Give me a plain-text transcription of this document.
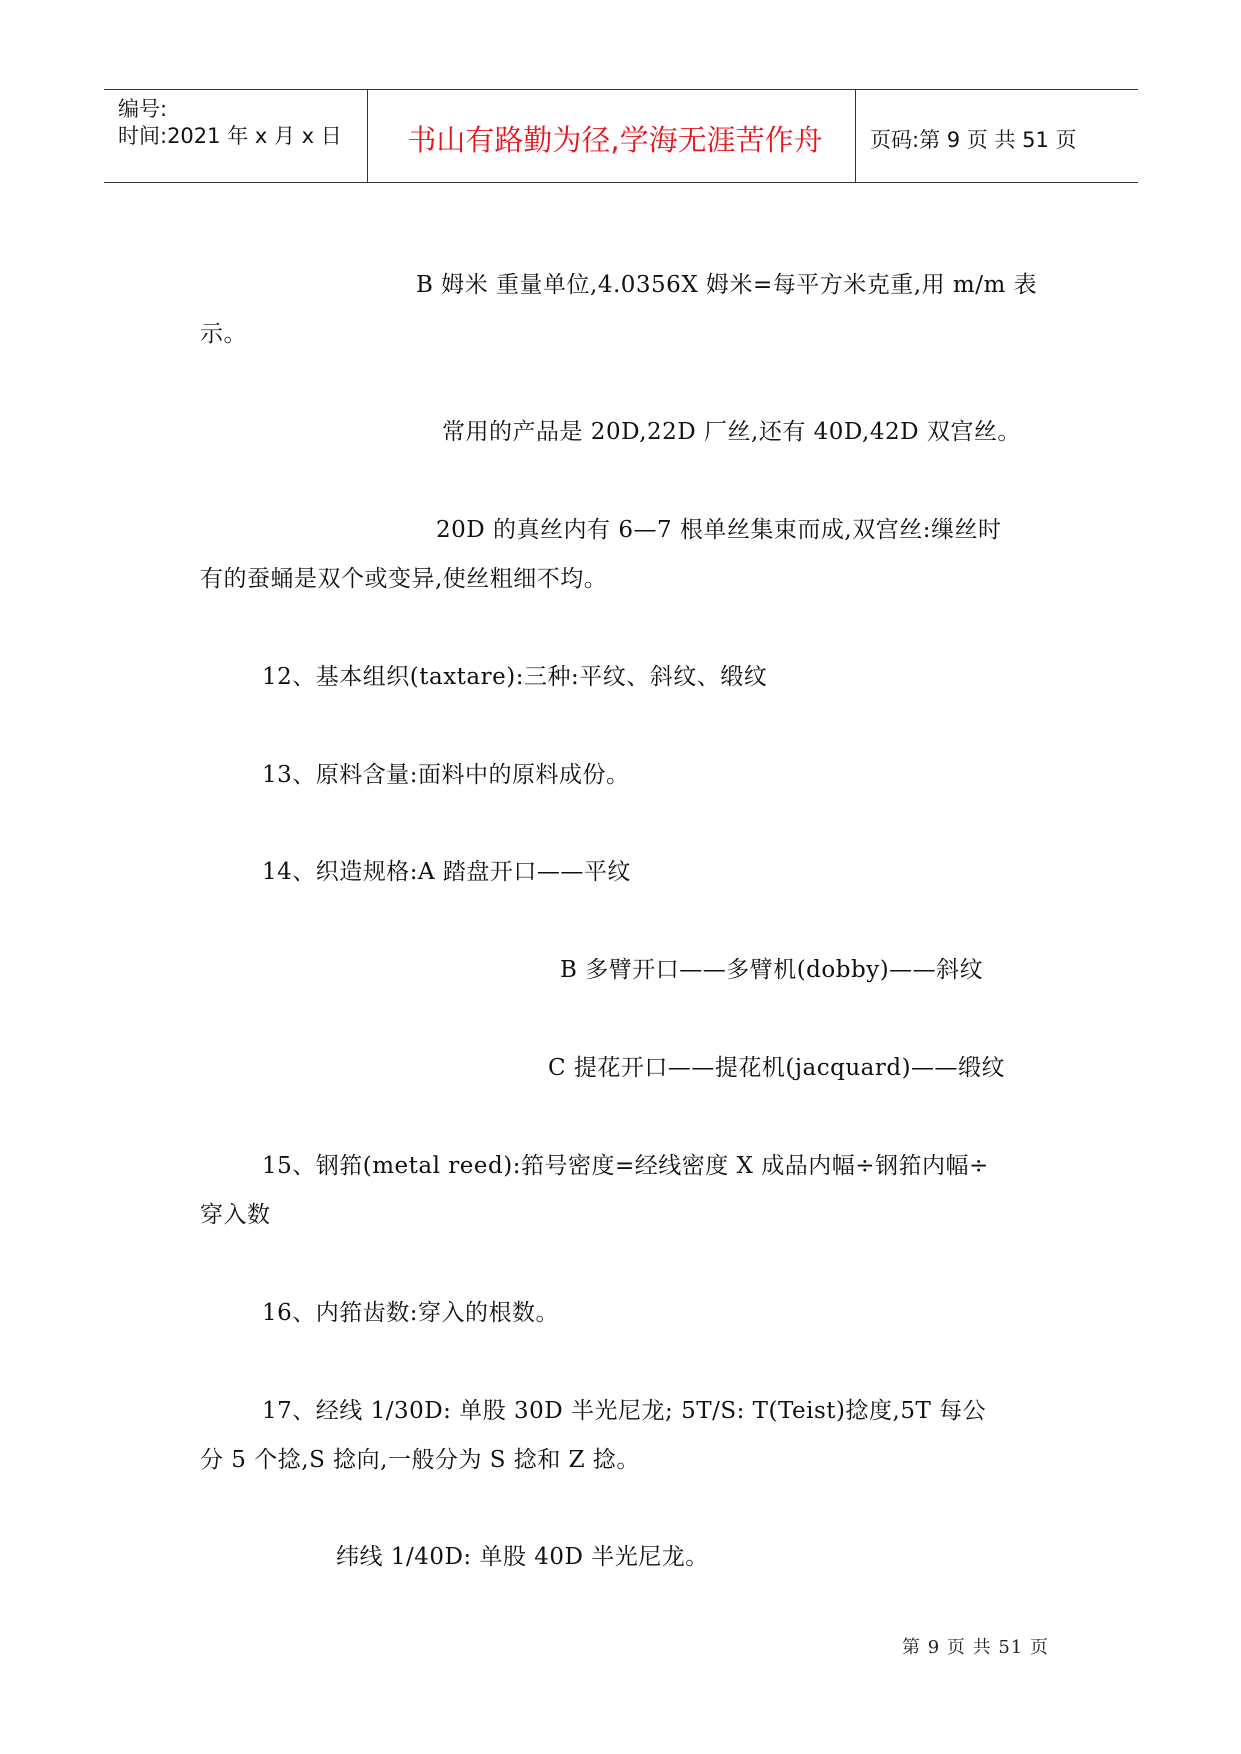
编号:
时间:2021 年 x 月 x 日	书山有路勤为径,学海无涯苦作舟	页码:第 9 页 共 51 页
B 姆米 重量单位,4.0356X 姆米=每平方米克重,用 m/m 表
示。
常用的产品是 20D,22D 厂丝,还有 40D,42D 双宫丝。
20D 的真丝内有 6—7 根单丝集束而成,双宫丝:缫丝时
有的蚕蛹是双个或变异,使丝粗细不均。
12、基本组织(taxtare):三种:平纹、斜纹、缎纹
13、原料含量:面料中的原料成份。
14、织造规格:A 踏盘开口——平纹
B 多臂开口——多臂机(dobby)——斜纹
C 提花开口——提花机(jacquard)——缎纹
15、钢筘(metal reed):筘号密度=经线密度 X 成品内幅÷钢筘内幅÷
穿入数
16、内筘齿数:穿入的根数。
17、经线 1/30D: 单股 30D 半光尼龙; 5T/S: T(Teist)捻度,5T 每公
分 5 个捻,S 捻向,一般分为 S 捻和 Z 捻。
纬线 1/40D: 单股 40D 半光尼龙。
第 9 页 共 51 页
